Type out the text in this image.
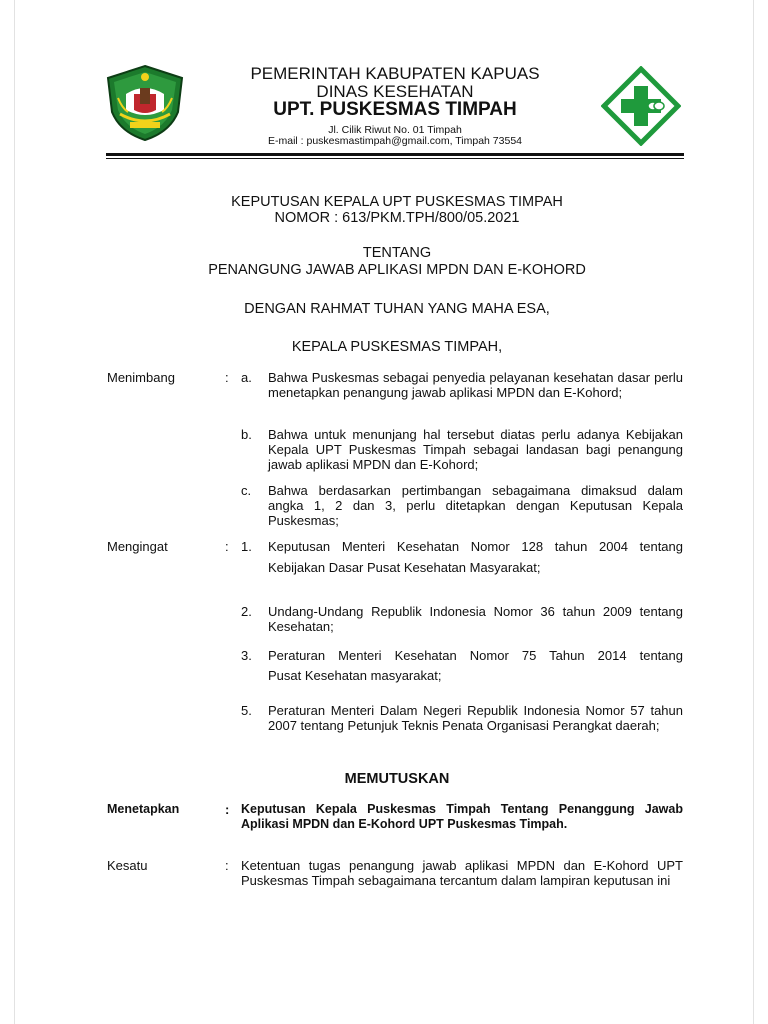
PEMERINTAH KABUPATEN KAPUAS
DINAS KESEHATAN
UPT. PUSKESMAS TIMPAH
Jl. Cilik Riwut No. 01 Timpah
E-mail : puskesmastimpah@gmail.com, Timpah 73554
KEPUTUSAN KEPALA UPT PUSKESMAS TIMPAH
NOMOR : 613/PKM.TPH/800/05.2021
TENTANG
PENANGUNG JAWAB APLIKASI MPDN DAN E-KOHORD
DENGAN RAHMAT TUHAN YANG MAHA ESA,
KEPALA PUSKESMAS TIMPAH,
Menimbang	: a. Bahwa Puskesmas sebagai penyedia pelayanan kesehatan dasar perlu menetapkan penangung jawab aplikasi MPDN dan E-Kohord;
b. Bahwa untuk menunjang hal tersebut diatas perlu adanya Kebijakan Kepala UPT Puskesmas Timpah sebagai landasan bagi penangung jawab aplikasi MPDN dan E-Kohord;
c. Bahwa berdasarkan pertimbangan sebagaimana dimaksud dalam angka 1, 2 dan 3, perlu ditetapkan dengan Keputusan Kepala Puskesmas;
Mengingat	: 1. Keputusan Menteri Kesehatan Nomor 128 tahun 2004 tentang
Kebijakan Dasar Pusat Kesehatan Masyarakat;
2. Undang-Undang Republik Indonesia Nomor 36 tahun 2009 tentang Kesehatan;
3. Peraturan Menteri Kesehatan Nomor 75 Tahun 2014 tentang
Pusat Kesehatan masyarakat;
5. Peraturan Menteri Dalam Negeri Republik Indonesia Nomor 57 tahun 2007 tentang Petunjuk Teknis Penata Organisasi Perangkat daerah;
MEMUTUSKAN
Menetapkan	: Keputusan Kepala Puskesmas Timpah Tentang Penanggung Jawab Aplikasi MPDN dan E-Kohord UPT Puskesmas Timpah.
Kesatu	: Ketentuan tugas penangung jawab aplikasi MPDN dan E-Kohord UPT Puskesmas Timpah sebagaimana tercantum dalam lampiran keputusan ini
